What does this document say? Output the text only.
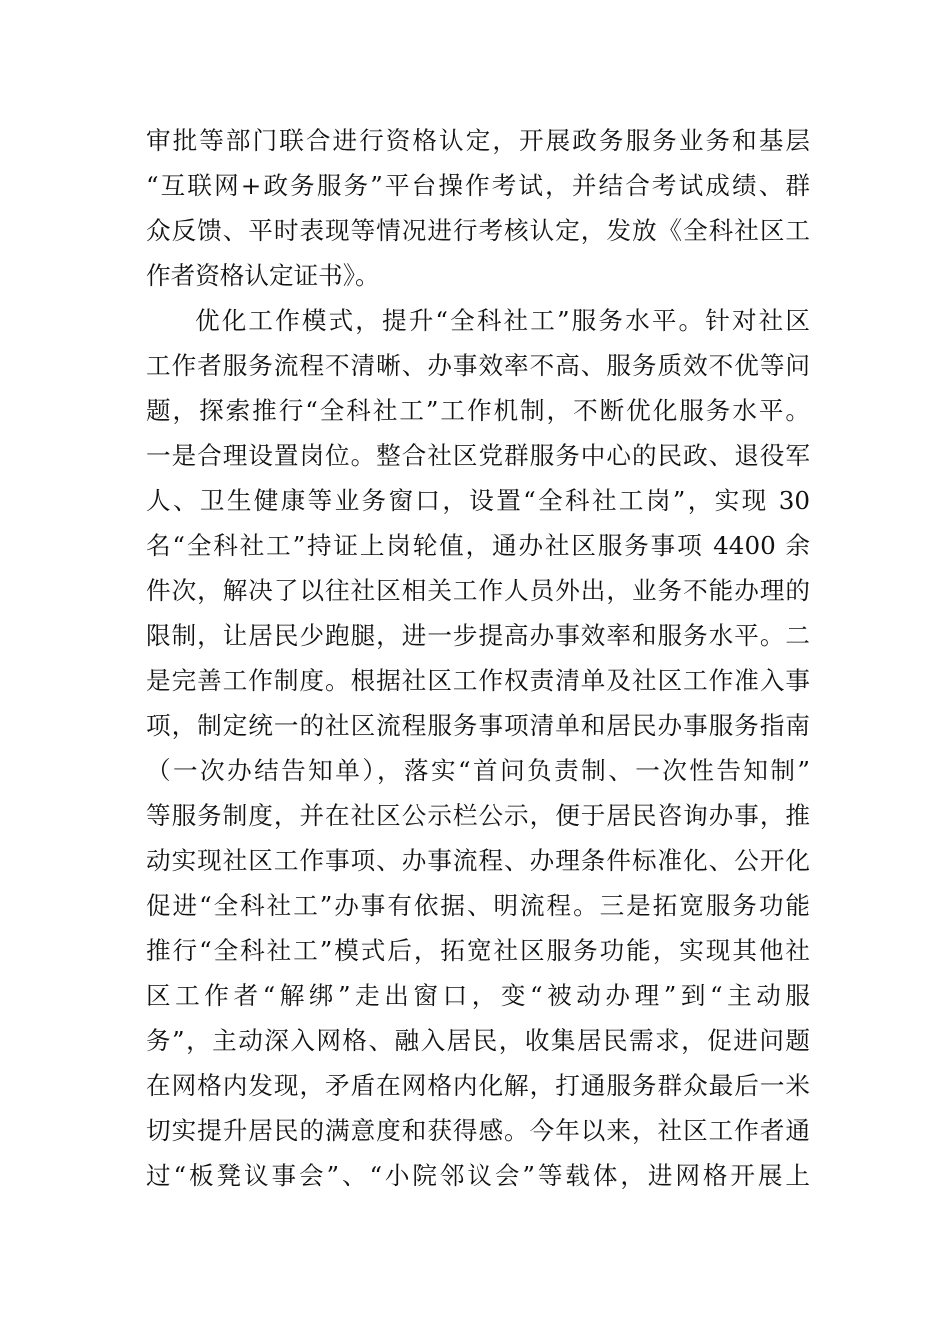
审批等部门联合进行资格认定，开展政务服务业务和基层
“互联网+政务服务”平台操作考试，并结合考试成绩、群
众反馈、平时表现等情况进行考核认定，发放《全科社区工
作者资格认定证书》。
优化工作模式，提升“全科社工”服务水平。针对社区
工作者服务流程不清晰、办事效率不高、服务质效不优等问
题，探索推行“全科社工”工作机制，不断优化服务水平。
一是合理设置岗位。整合社区党群服务中心的民政、退役军
人、卫生健康等业务窗口，设置“全科社工岗”，实现 30
名“全科社工”持证上岗轮值，通办社区服务事项 4400 余
件次，解决了以往社区相关工作人员外出，业务不能办理的
限制，让居民少跑腿，进一步提高办事效率和服务水平。二
是完善工作制度。根据社区工作权责清单及社区工作准入事
项，制定统一的社区流程服务事项清单和居民办事服务指南
（一次办结告知单），落实“首问负责制、一次性告知制”
等服务制度，并在社区公示栏公示，便于居民咨询办事，推
动实现社区工作事项、办事流程、办理条件标准化、公开化
促进“全科社工”办事有依据、明流程。三是拓宽服务功能
推行“全科社工”模式后，拓宽社区服务功能，实现其他社
区工作者“解绑”走出窗口，变“被动办理”到“主动服
务”，主动深入网格、融入居民，收集居民需求，促进问题
在网格内发现，矛盾在网格内化解，打通服务群众最后一米
切实提升居民的满意度和获得感。今年以来，社区工作者通
过“板凳议事会”、“小院邻议会”等载体，进网格开展上
